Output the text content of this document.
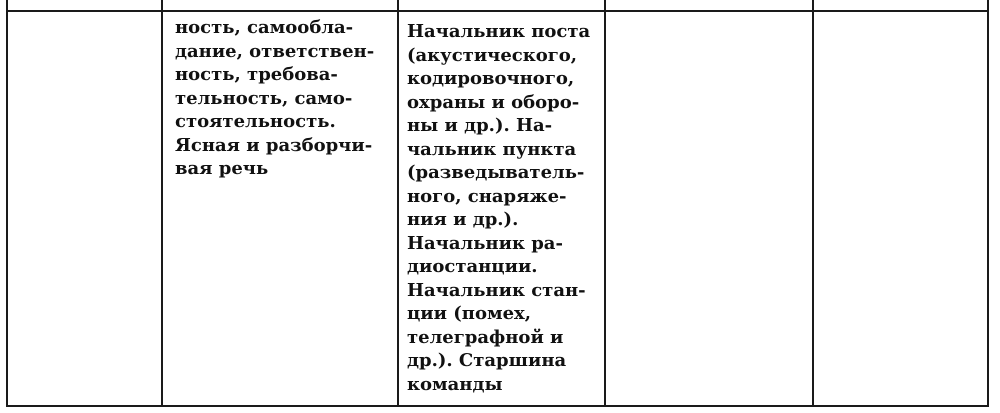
ность, самообла-
дание, ответствен-
ность, требова-
тельность, само-
стоятельность.
Ясная и разборчи-
вая речь
Начальник поста
(акустического,
кодировочного,
охраны и оборо-
ны и др.). На-
чальник пункта
(разведыватель-
ного, снаряже-
ния и др.).
Начальник ра-
диостанции.
Начальник стан-
ции (помех,
телеграфной и
др.). Старшина
команды
